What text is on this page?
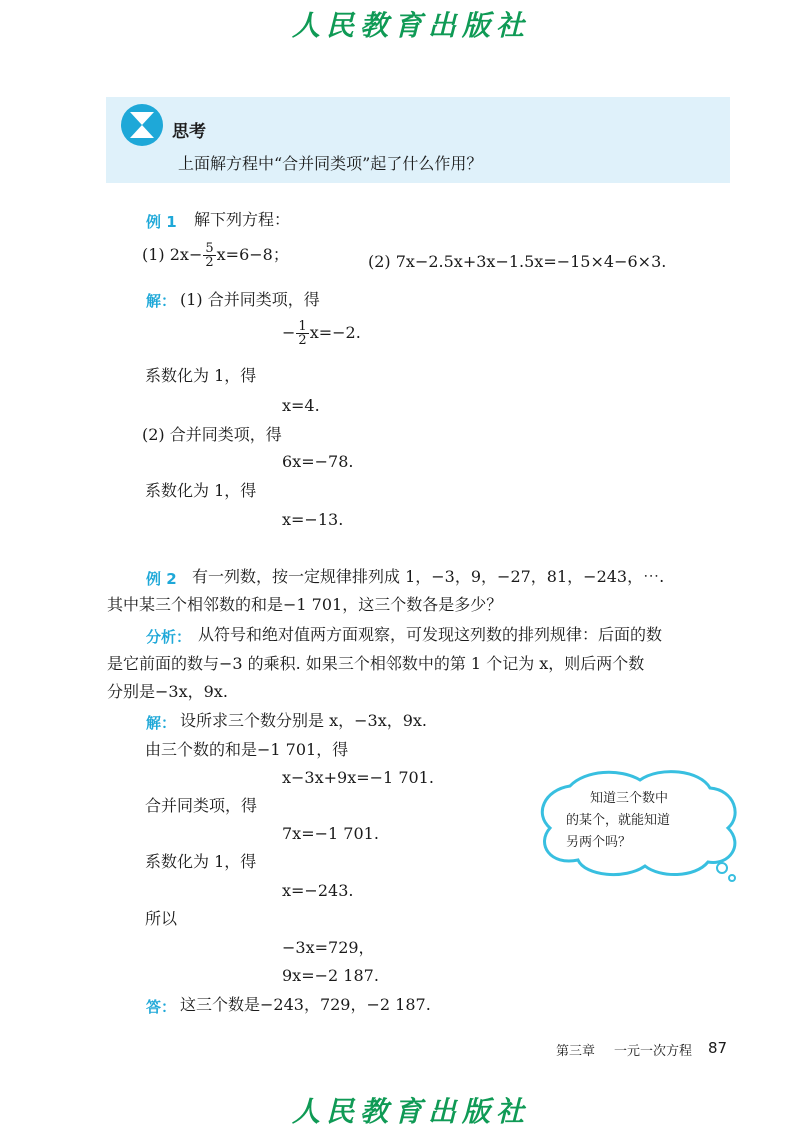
人民教育出版社
思考
上面解方程中“合并同类项”起了什么作用？
例 1 解下列方程：
(1) $2x- \frac{5}{2} x=6-8$；	(2) 7x−2.5x+3x−1.5x=−15×4−6×3.
解： (1) 合并同类项，得
− $\frac{1}{2} x=-2$.
系数化为 1，得
x=4.
(2) 合并同类项，得
6x=−78.
系数化为 1，得
x=−13.
例 2 有一列数，按一定规律排列成 1，−3，9，−27，81，−243，⋯.
其中某三个相邻数的和是−1 701，这三个数各是多少？
分析： 从符号和绝对值两方面观察，可发现这列数的排列规律：后面的数
是它前面的数与−3 的乘积. 如果三个相邻数中的第 1 个记为 x，则后两个数
分别是−3x，9x.
解： 设所求三个数分别是 x，−3x，9x.
由三个数的和是−1 701，得
x−3x+9x=−1 701.
合并同类项，得
7x=−1 701.
系数化为 1，得
x=−243.
所以
−3x=729，
9x=−2 187.
答： 这三个数是−243，729，−2 187.
知道三个数中
的某个，就能知道
另两个吗？
第三章 一元一次方程 87
人民教育出版社
